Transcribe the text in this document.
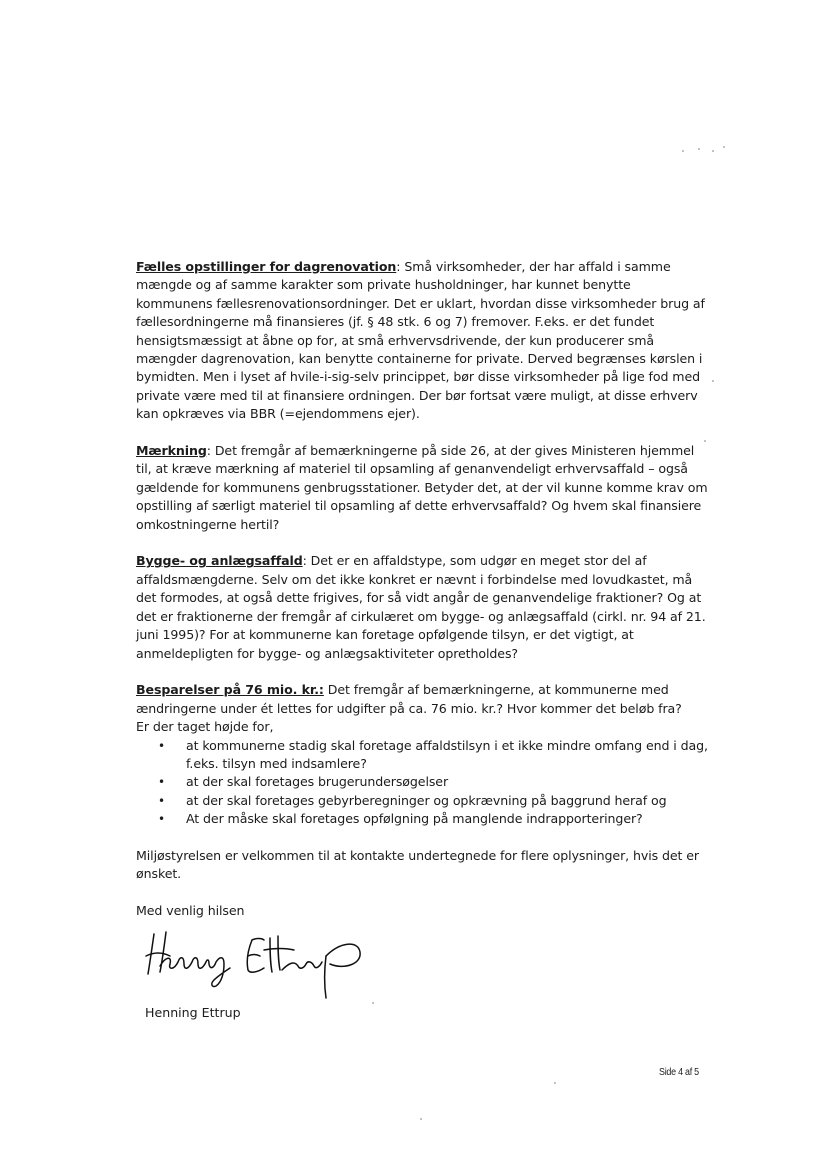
Fælles opstillinger for dagrenovation: Små virksomheder, der har affald i samme mængde og af samme karakter som private husholdninger, har kunnet benytte kommunens fællesrenovationsordninger. Det er uklart, hvordan disse virksomheder brug af fællesordningerne må finansieres (jf. § 48 stk. 6 og 7) fremover. F.eks. er det fundet hensigtsmæssigt at åbne op for, at små erhvervsdrivende, der kun producerer små mængder dagrenovation, kan benytte containerne for private. Derved begrænses kørslen i bymidten. Men i lyset af hvile-i-sig-selv princippet, bør disse virksomheder på lige fod med private være med til at finansiere ordningen. Der bør fortsat være muligt, at disse erhverv kan opkræves via BBR (=ejendommens ejer).

Mærkning: Det fremgår af bemærkningerne på side 26, at der gives Ministeren hjemmel til, at kræve mærkning af materiel til opsamling af genanvendeligt erhvervsaffald – også gældende for kommunens genbrugsstationer. Betyder det, at der vil kunne komme krav om opstilling af særligt materiel til opsamling af dette erhvervsaffald? Og hvem skal finansiere omkostningerne hertil?

Bygge- og anlægsaffald: Det er en affaldstype, som udgør en meget stor del af affaldsmængderne. Selv om det ikke konkret er nævnt i forbindelse med lovudkastet, må det formodes, at også dette frigives, for så vidt angår de genanvendelige fraktioner? Og at det er fraktionerne der fremgår af cirkulæret om bygge- og anlægsaffald (cirkl. nr. 94 af 21. juni 1995)? For at kommunerne kan foretage opfølgende tilsyn, er det vigtigt, at anmeldepligten for bygge- og anlægsaktiviteter opretholdes?

Besparelser på 76 mio. kr.: Det fremgår af bemærkningerne, at kommunerne med ændringerne under ét lettes for udgifter på ca. 76 mio. kr.? Hvor kommer det beløb fra?
Er der taget højde for,

• at kommunerne stadig skal foretage affaldstilsyn i et ikke mindre omfang end i dag, f.eks. tilsyn med indsamlere?
• at der skal foretages brugerundersøgelser
• at der skal foretages gebyrberegninger og opkrævning på baggrund heraf og
• At der måske skal foretages opfølgning på manglende indrapporteringer?

Miljøstyrelsen er velkommen til at kontakte undertegnede for flere oplysninger, hvis det er ønsket.

Med venlig hilsen

Henning Ettrup
Side 4 af 5
